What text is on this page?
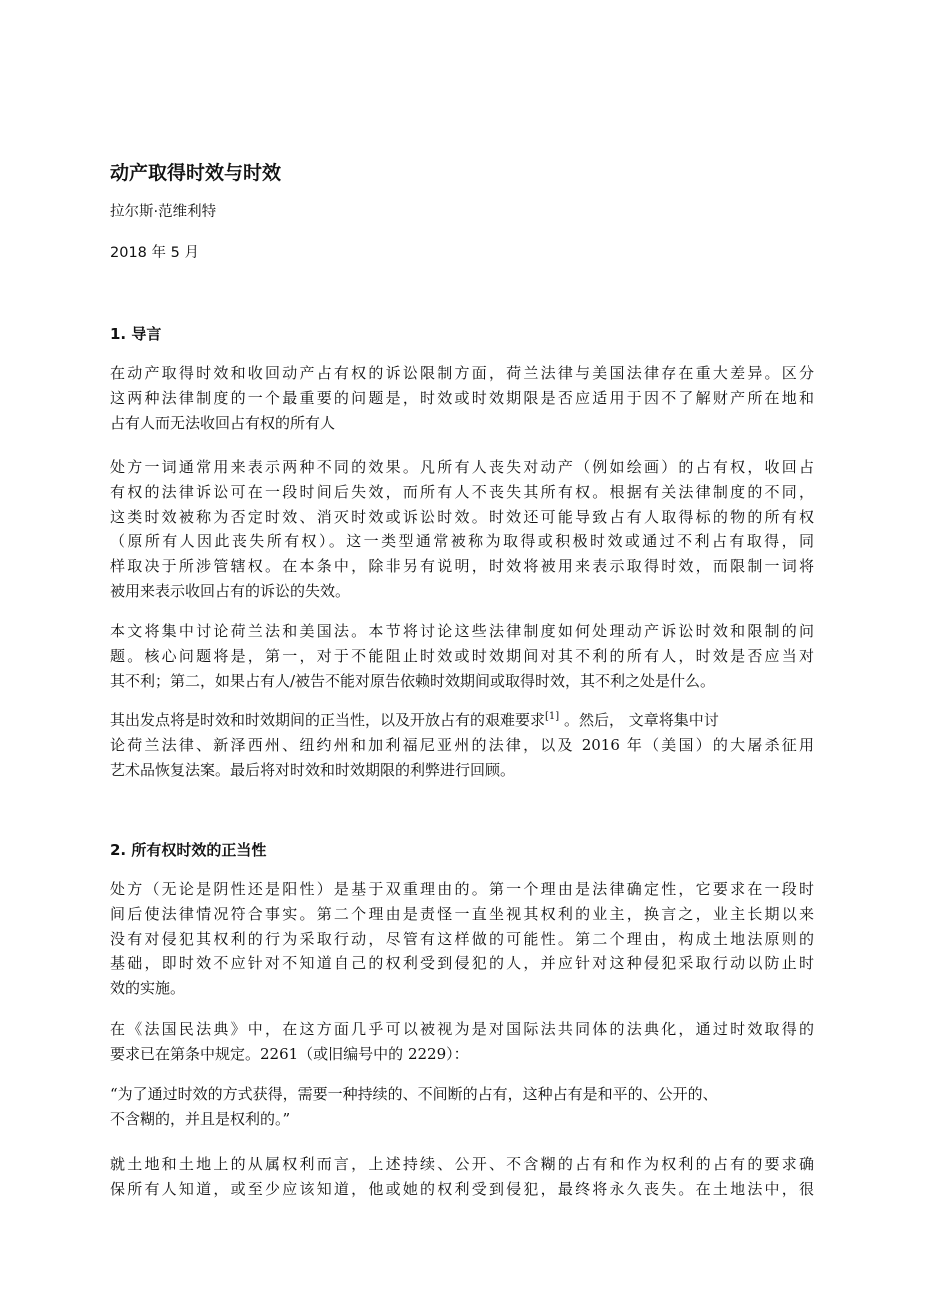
动产取得时效与时效

拉尔斯·范维利特

2018 年 5 月

1. 导言

在动产取得时效和收回动产占有权的诉讼限制方面，荷兰法律与美国法律存在重大差异。区分
这两种法律制度的一个最重要的问题是，时效或时效期限是否应适用于因不了解财产所在地和
占有人而无法收回占有权的所有人

处方一词通常用来表示两种不同的效果。凡所有人丧失对动产（例如绘画）的占有权，收回占
有权的法律诉讼可在一段时间后失效，而所有人不丧失其所有权。根据有关法律制度的不同，
这类时效被称为否定时效、消灭时效或诉讼时效。时效还可能导致占有人取得标的物的所有权
（原所有人因此丧失所有权）。这一类型通常被称为取得或积极时效或通过不利占有取得，同
样取决于所涉管辖权。在本条中，除非另有说明，时效将被用来表示取得时效，而限制一词将
被用来表示收回占有的诉讼的失效。

本文将集中讨论荷兰法和美国法。本节将讨论这些法律制度如何处理动产诉讼时效和限制的问
题。核心问题将是，第一，对于不能阻止时效或时效期间对其不利的所有人，时效是否应当对
其不利；第二，如果占有人/被告不能对原告依赖时效期间或取得时效，其不利之处是什么。

其出发点将是时效和时效期间的正当性，以及开放占有的艰难要求[1] 。然后， 文章将集中讨
论荷兰法律、新泽西州、纽约州和加利福尼亚州的法律，以及 2016 年（美国）的大屠杀征用
艺术品恢复法案。最后将对时效和时效期限的利弊进行回顾。

2. 所有权时效的正当性

处方（无论是阴性还是阳性）是基于双重理由的。第一个理由是法律确定性，它要求在一段时
间后使法律情况符合事实。第二个理由是责怪一直坐视其权利的业主，换言之，业主长期以来
没有对侵犯其权利的行为采取行动，尽管有这样做的可能性。第二个理由，构成土地法原则的
基础，即时效不应针对不知道自己的权利受到侵犯的人，并应针对这种侵犯采取行动以防止时
效的实施。

在《法国民法典》中，在这方面几乎可以被视为是对国际法共同体的法典化，通过时效取得的
要求已在第条中规定。2261（或旧编号中的 2229）：

“为了通过时效的方式获得，需要一种持续的、不间断的占有，这种占有是和平的、公开的、
不含糊的，并且是权利的。”

就土地和土地上的从属权利而言，上述持续、公开、不含糊的占有和作为权利的占有的要求确
保所有人知道，或至少应该知道，他或她的权利受到侵犯，最终将永久丧失。在土地法中，很
